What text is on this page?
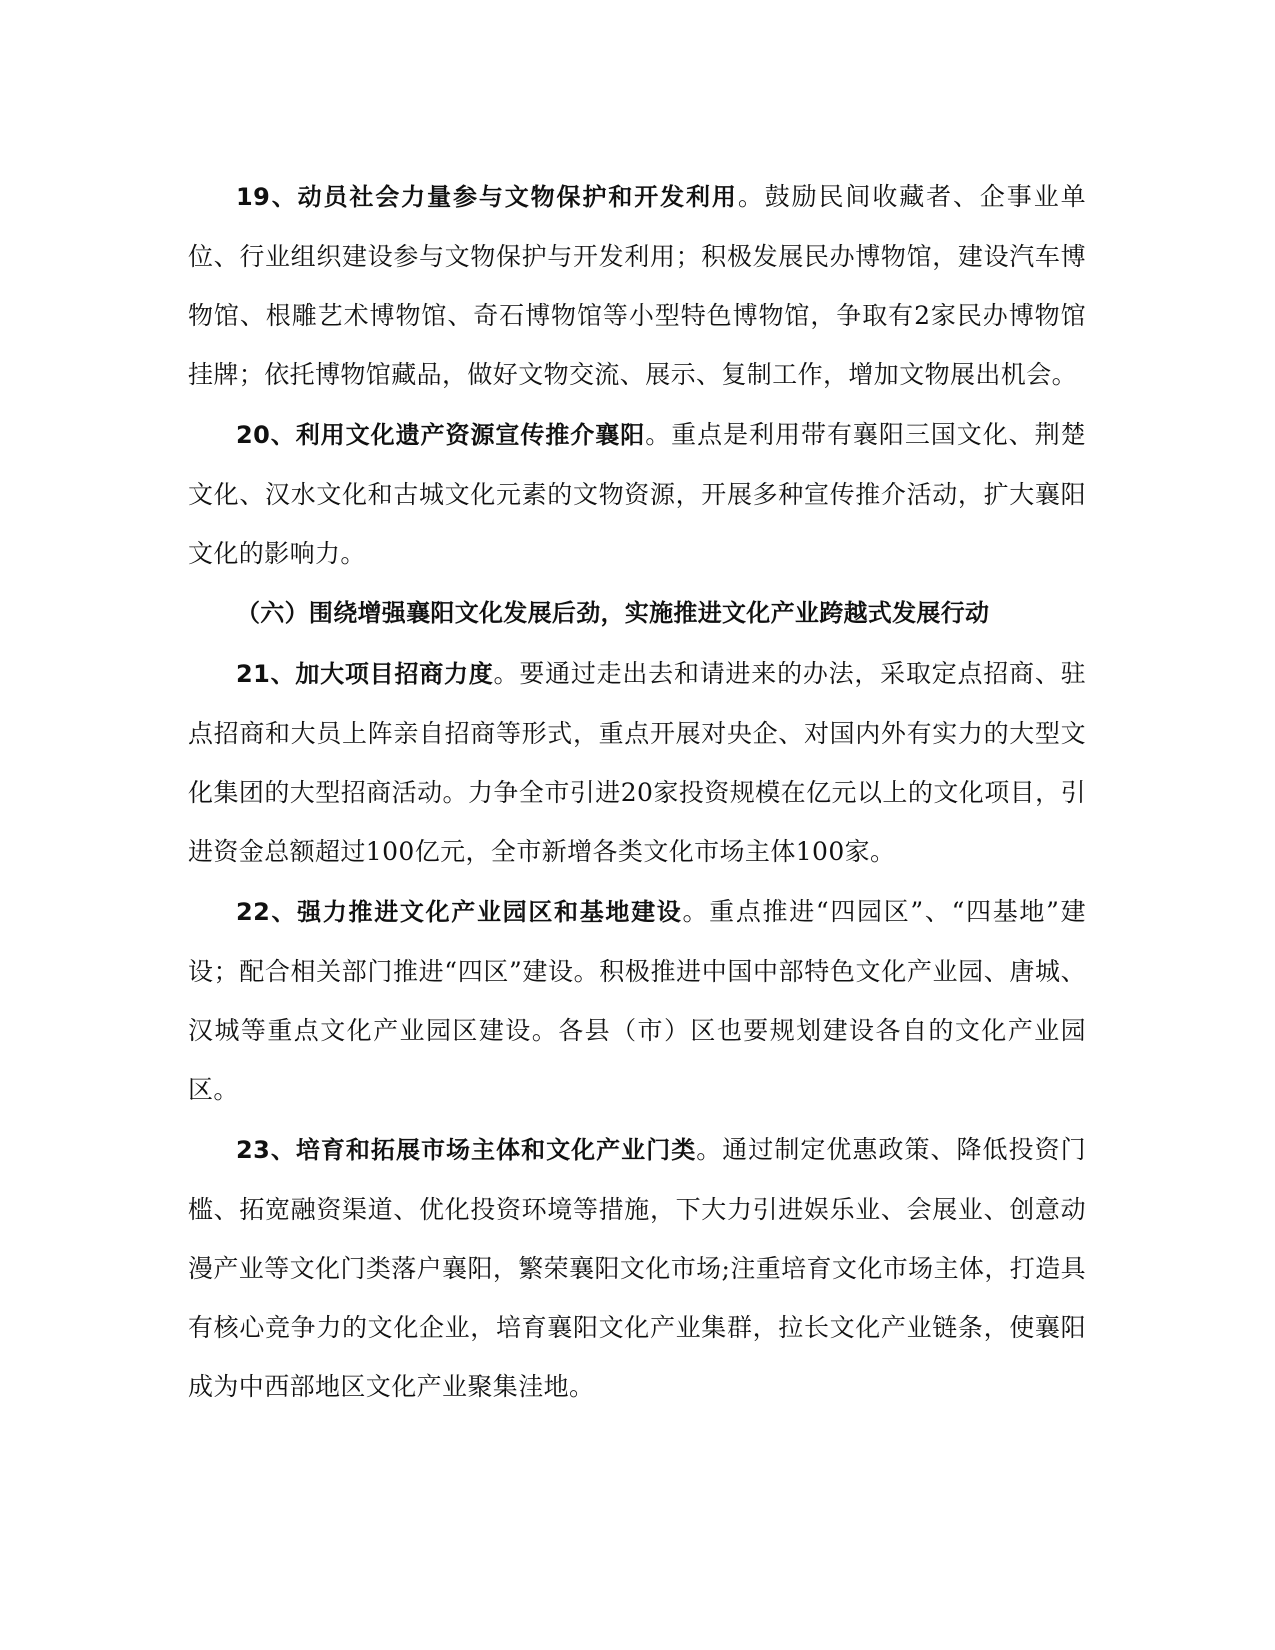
19、动员社会力量参与文物保护和开发利用。鼓励民间收藏者、企事业单位、行业组织建设参与文物保护与开发利用；积极发展民办博物馆，建设汽车博物馆、根雕艺术博物馆、奇石博物馆等小型特色博物馆，争取有2家民办博物馆挂牌；依托博物馆藏品，做好文物交流、展示、复制工作，增加文物展出机会。

20、利用文化遗产资源宣传推介襄阳。重点是利用带有襄阳三国文化、荆楚文化、汉水文化和古城文化元素的文物资源，开展多种宣传推介活动，扩大襄阳文化的影响力。

（六）围绕增强襄阳文化发展后劲，实施推进文化产业跨越式发展行动

21、加大项目招商力度。要通过走出去和请进来的办法，采取定点招商、驻点招商和大员上阵亲自招商等形式，重点开展对央企、对国内外有实力的大型文化集团的大型招商活动。力争全市引进20家投资规模在亿元以上的文化项目，引进资金总额超过100亿元，全市新增各类文化市场主体100家。

22、强力推进文化产业园区和基地建设。重点推进“四园区”、“四基地”建设；配合相关部门推进“四区”建设。积极推进中国中部特色文化产业园、唐城、汉城等重点文化产业园区建设。各县（市）区也要规划建设各自的文化产业园区。

23、培育和拓展市场主体和文化产业门类。通过制定优惠政策、降低投资门槛、拓宽融资渠道、优化投资环境等措施，下大力引进娱乐业、会展业、创意动漫产业等文化门类落户襄阳，繁荣襄阳文化市场;注重培育文化市场主体，打造具有核心竞争力的文化企业，培育襄阳文化产业集群，拉长文化产业链条，使襄阳成为中西部地区文化产业聚集洼地。
